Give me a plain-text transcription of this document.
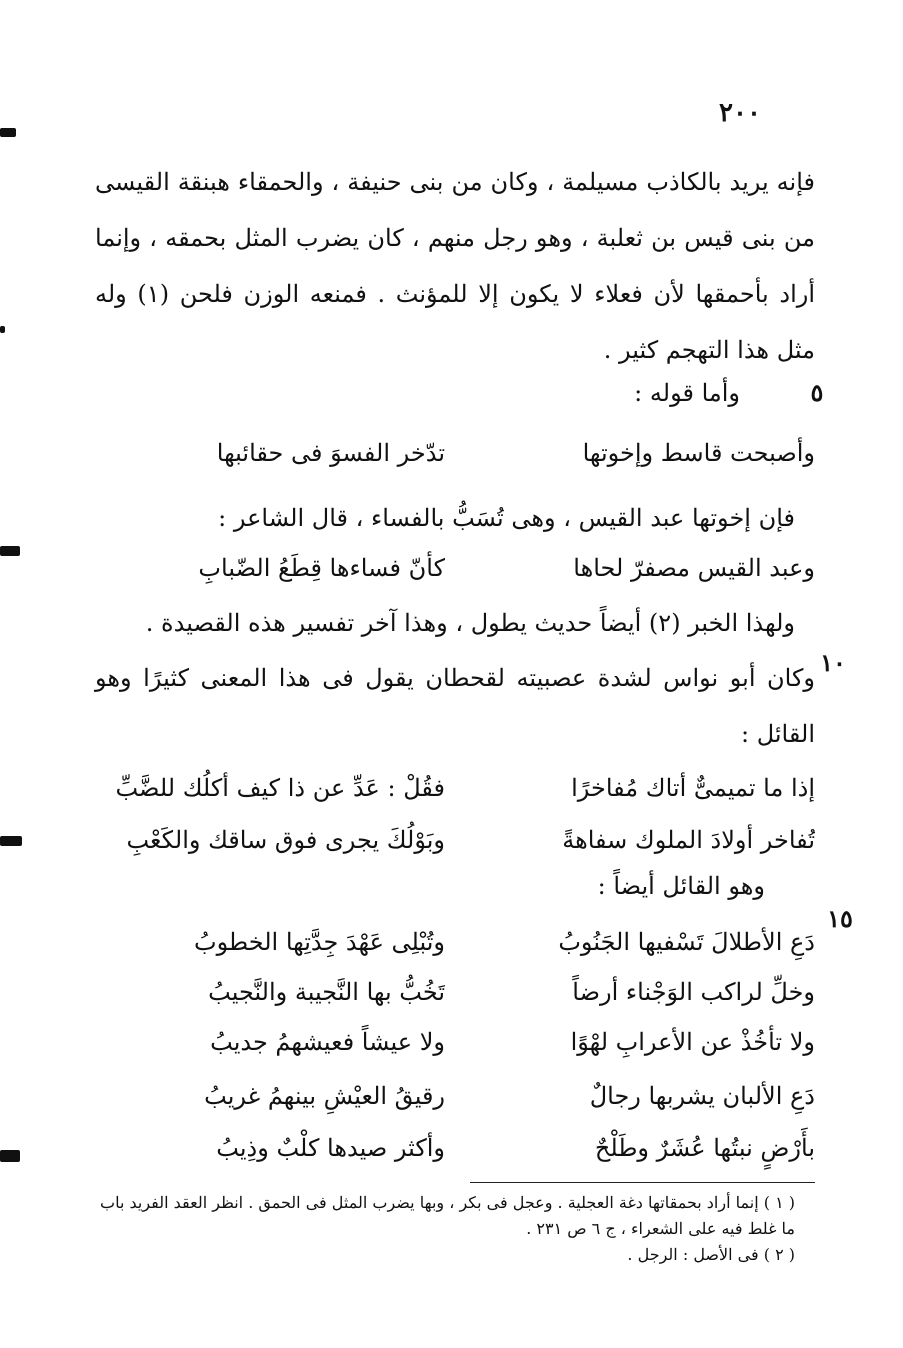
٢٠٠
فإنه يريد بالكاذب مسيلمة ، وكان من بنى حنيفة ، والحمقاء هبنقة القيسى من بنى قيس بن ثعلبة ، وهو رجل منهم ، كان يضرب المثل بحمقه ، وإنما أراد بأحمقها لأن فعلاء لا يكون إلا للمؤنث . فمنعه الوزن فلحن (١) وله مثل هذا التهجم كثير .
٥
وأما قوله :
وأصبحت قاسط وإخوتها
تدّخر الفسوَ فى حقائبها
فإن إخوتها عبد القيس ، وهى تُسَبُّ بالفساء ، قال الشاعر :
وعبد القيس مصفرّ لحاها
كأنّ فساءها قِطَعُ الضّبابِ
ولهذا الخبر (٢) أيضاً حديث يطول ، وهذا آخر تفسير هذه القصيدة .
١٠
وكان أبو نواس لشدة عصبيته لقحطان يقول فى هذا المعنى كثيرًا وهو القائل :
إذا ما تميمىٌّ أتاك مُفاخرًا
فقُلْ : عَدِّ عن ذا كيف أكلُك للضَّبِّ
تُفاخر أولادَ الملوك سفاهةً
وبَوْلُكَ يجرى فوق ساقك والكَعْبِ
وهو القائل أيضاً :
١٥
دَعِ الأطلالَ تَسْفيها الجَنُوبُ
وتُبْلِى عَهْدَ جِدَّتِها الخطوبُ
وخلِّ لراكب الوَجْناء أرضاً
تَخُبُّ بها النَّجيبة والنَّجيبُ
ولا تأخُذْ عن الأعرابِ لهْوًا
ولا عيشاً فعيشهمُ جديبُ
دَعِ الألبان يشربها رجالٌ
رقيقُ العيْشِ بينهمُ غريبُ
بأَرْضٍ نبتُها عُشَرٌ وطَلْحٌ
وأكثر صيدها كلْبٌ وذِيبُ

( ١ ) إنما أراد بحمقاتها دغة العجلية . وعجل فى بكر ، وبها يضرب المثل فى الحمق . انظر العقد الفريد باب ما غلط فيه على الشعراء ، ج ٦ ص ٢٣١ .

( ٢ ) فى الأصل : الرجل .
